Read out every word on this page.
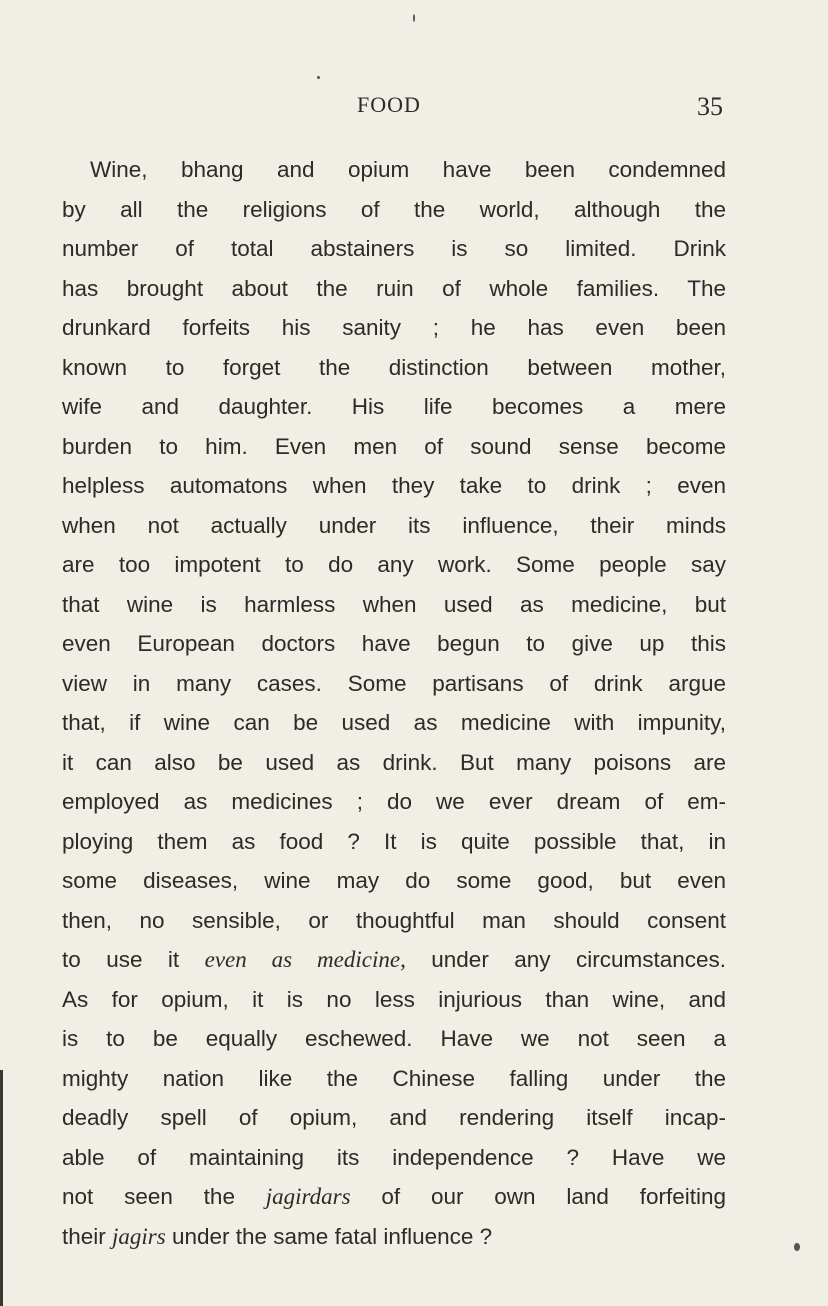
FOOD	35
Wine, bhang and opium have been condemned
by all the religions of the world, although the
number of total abstainers is so limited. Drink
has brought about the ruin of whole families. The
drunkard forfeits his sanity ; he has even been
known to forget the distinction between mother,
wife and daughter. His life becomes a mere
burden to him. Even men of sound sense become
helpless automatons when they take to drink ; even
when not actually under its influence, their minds
are too impotent to do any work. Some people say
that wine is harmless when used as medicine, but
even European doctors have begun to give up this
view in many cases. Some partisans of drink argue
that, if wine can be used as medicine with impunity,
it can also be used as drink. But many poisons are
employed as medicines ; do we ever dream of em-
ploying them as food ? It is quite possible that, in
some diseases, wine may do some good, but even
then, no sensible, or thoughtful man should consent
to use it even as medicine, under any circumstances.
As for opium, it is no less injurious than wine, and
is to be equally eschewed. Have we not seen a
mighty nation like the Chinese falling under the
deadly spell of opium, and rendering itself incap-
able of maintaining its independence ? Have we
not seen the jagirdars of our own land forfeiting
their jagirs under the same fatal influence ?
